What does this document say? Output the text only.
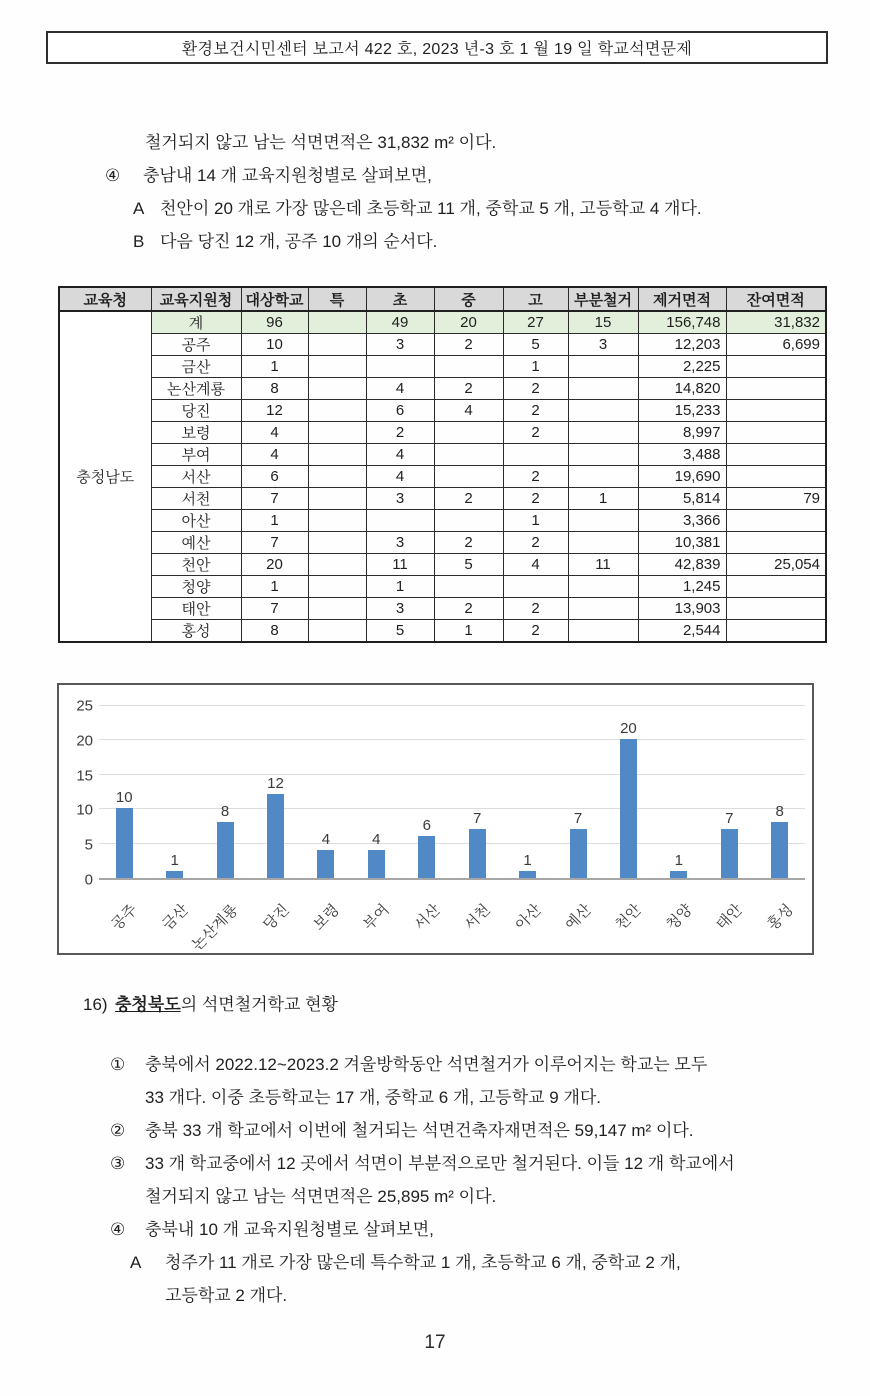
환경보건시민센터 보고서 422 호, 2023 년-3 호 1 월 19 일 학교석면문제
철거되지 않고 남는 석면면적은 31,832 m² 이다.
④	충남내 14 개 교육지원청별로 살펴보면,
A 천안이 20 개로 가장 많은데 초등학교 11 개, 중학교 5 개, 고등학교 4 개다.
B 다음 당진 12 개, 공주 10 개의 순서다.
교육청	교육지원청	대상학교	특	초	중	고	부분철거	제거면적	잔여면적
충청남도	계	96		49	20	27	15	156,748	31,832
	공주	10		3	2	5	3	12,203	6,699
	금산	1				1		2,225	
	논산계룡	8		4	2	2		14,820	
	당진	12		6	4	2		15,233	
	보령	4		2		2		8,997	
	부여	4		4				3,488	
	서산	6		4		2		19,690	
	서천	7		3	2	2	1	5,814	79
	아산	1				1		3,366	
	예산	7		3	2	2		10,381	
	천안	20		11	5	4	11	42,839	25,054
	청양	1		1				1,245	
	태안	7		3	2	2		13,903	
	홍성	8		5	1	2		2,544	
0
5
10
15
20
25
10
1
8
12
4	4
6	7
1
7
20
1
7	8
공주 금산
논산계룡 당진 보령 부여 서산 서천 아산 예산 천안 청양 태안 홍성
16) 충청북도의 석면철거학교 현황
①	충북에서 2022.12~2023.2 겨울방학동안 석면철거가 이루어지는 학교는 모두
33 개다. 이중 초등학교는 17 개, 중학교 6 개, 고등학교 9 개다.
②	충북 33 개 학교에서 이번에 철거되는 석면건축자재면적은 59,147 m² 이다.
③	33 개 학교중에서 12 곳에서 석면이 부분적으로만 철거된다. 이들 12 개 학교에서
철거되지 않고 남는 석면면적은 25,895 m² 이다.
④	충북내 10 개 교육지원청별로 살펴보면,
A	청주가 11 개로 가장 많은데 특수학교 1 개, 초등학교 6 개, 중학교 2 개,
고등학교 2 개다.
17
